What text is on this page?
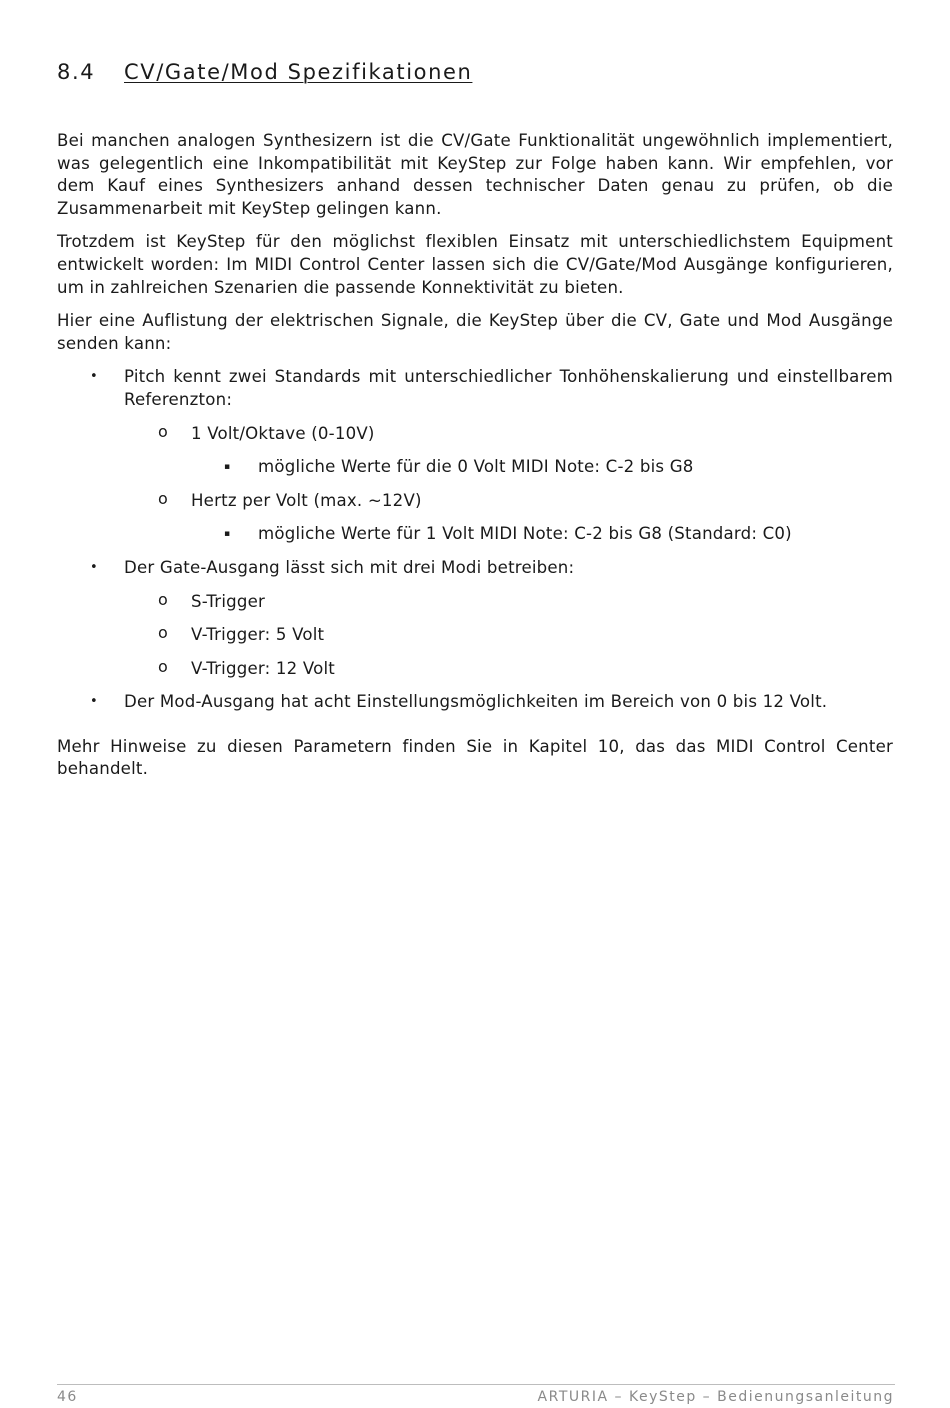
8.4	CV/Gate/Mod Spezifikationen

Bei manchen analogen Synthesizern ist die CV/Gate Funktionalität ungewöhnlich implementiert, was gelegentlich eine Inkompatibilität mit KeyStep zur Folge haben kann. Wir empfehlen, vor dem Kauf eines Synthesizers anhand dessen technischer Daten genau zu prüfen, ob die Zusammenarbeit mit KeyStep gelingen kann.

Trotzdem ist KeyStep für den möglichst flexiblen Einsatz mit unterschiedlichstem Equipment entwickelt worden: Im MIDI Control Center lassen sich die CV/Gate/Mod Ausgänge konfigurieren, um in zahlreichen Szenarien die passende Konnektivität zu bieten.

Hier eine Auflistung der elektrischen Signale, die KeyStep über die CV, Gate und Mod Ausgänge senden kann:

• Pitch kennt zwei Standards mit unterschiedlicher Tonhöhenskalierung und einstellbarem Referenzton:
o 1 Volt/Oktave (0-10V)
▪ mögliche Werte für die 0 Volt MIDI Note: C-2 bis G8
o Hertz per Volt (max. ~12V)
▪ mögliche Werte für 1 Volt MIDI Note: C-2 bis G8 (Standard: C0)
• Der Gate-Ausgang lässt sich mit drei Modi betreiben:
o S-Trigger
o V-Trigger: 5 Volt
o V-Trigger: 12 Volt
• Der Mod-Ausgang hat acht Einstellungsmöglichkeiten im Bereich von 0 bis 12 Volt.

Mehr Hinweise zu diesen Parametern finden Sie in Kapitel 10, das das MIDI Control Center behandelt.

46	ARTURIA – KeyStep – Bedienungsanleitung
